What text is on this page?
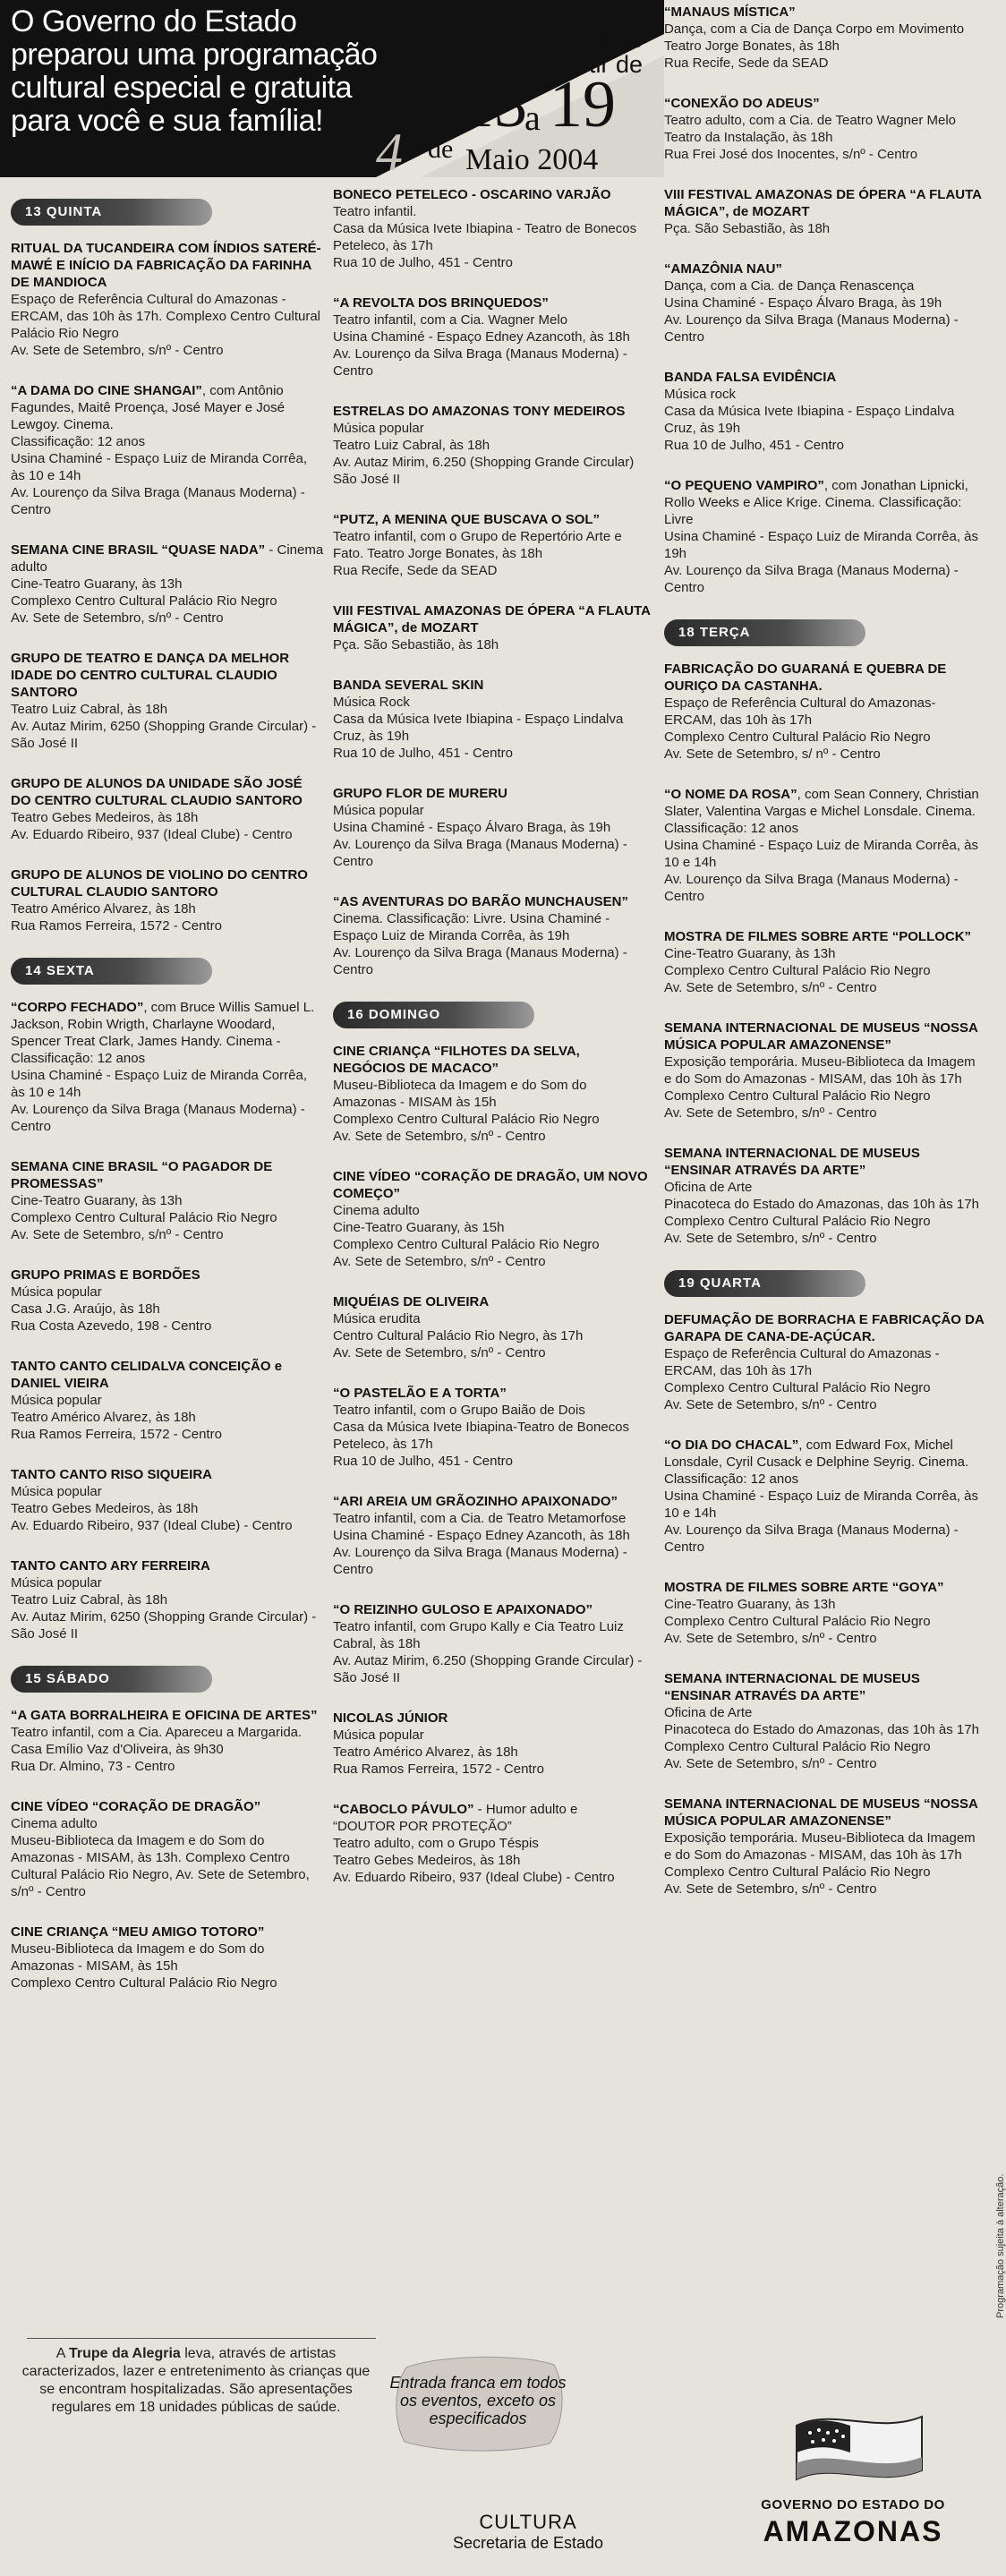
4
O Governo do Estado
preparou uma programação
cultural especial e gratuita
para você e sua família!
Venha se divertir de
13
a 19
de Maio 2004
13 QUINTA
RITUAL DA TUCANDEIRA COM ÍNDIOS SATERÉ-MAWÉ E INÍCIO DA FABRICAÇÃO DA FARINHA DE MANDIOCA
Espaço de Referência Cultural do Amazonas - ERCAM, das 10h às 17h. Complexo Centro Cultural Palácio Rio Negro
Av. Sete de Setembro, s/nº - Centro
“A DAMA DO CINE SHANGAI”, com Antônio Fagundes, Maitê Proença, José Mayer e José Lewgoy. Cinema.
Classificação: 12 anos
Usina Chaminé - Espaço Luiz de Miranda Corrêa, às 10 e 14h
Av. Lourenço da Silva Braga (Manaus Moderna) - Centro
SEMANA CINE BRASIL “QUASE NADA” - Cinema adulto
Cine-Teatro Guarany, às 13h
Complexo Centro Cultural Palácio Rio Negro
Av. Sete de Setembro, s/nº - Centro
GRUPO DE TEATRO E DANÇA DA MELHOR IDADE DO CENTRO CULTURAL CLAUDIO SANTORO
Teatro Luiz Cabral, às 18h
Av. Autaz Mirim, 6250 (Shopping Grande Circular) - São José II
GRUPO DE ALUNOS DA UNIDADE SÃO JOSÉ DO CENTRO CULTURAL CLAUDIO SANTORO
Teatro Gebes Medeiros, às 18h
Av. Eduardo Ribeiro, 937 (Ideal Clube) - Centro
GRUPO DE ALUNOS DE VIOLINO DO CENTRO CULTURAL CLAUDIO SANTORO
Teatro Américo Alvarez, às 18h
Rua Ramos Ferreira, 1572 - Centro
14 SEXTA
“CORPO FECHADO”, com Bruce Willis Samuel L. Jackson, Robin Wrigth, Charlayne Woodard, Spencer Treat Clark, James Handy. Cinema - Classificação: 12 anos
Usina Chaminé - Espaço Luiz de Miranda Corrêa, às 10 e 14h
Av. Lourenço da Silva Braga (Manaus Moderna) - Centro
SEMANA CINE BRASIL “O PAGADOR DE PROMESSAS”
Cine-Teatro Guarany, às 13h
Complexo Centro Cultural Palácio Rio Negro
Av. Sete de Setembro, s/nº - Centro
GRUPO PRIMAS E BORDÕES
Música popular
Casa J.G. Araújo, às 18h
Rua Costa Azevedo, 198 - Centro
TANTO CANTO CELIDALVA CONCEIÇÃO e DANIEL VIEIRA
Música popular
Teatro Américo Alvarez, às 18h
Rua Ramos Ferreira, 1572 - Centro
TANTO CANTO RISO SIQUEIRA
Música popular
Teatro Gebes Medeiros, às 18h
Av. Eduardo Ribeiro, 937 (Ideal Clube) - Centro
TANTO CANTO ARY FERREIRA
Música popular
Teatro Luiz Cabral, às 18h
Av. Autaz Mirim, 6250 (Shopping Grande Circular) - São José II
15 SÁBADO
“A GATA BORRALHEIRA E OFICINA DE ARTES”
Teatro infantil, com a Cia. Apareceu a Margarida.
Casa Emílio Vaz d'Oliveira, às 9h30
Rua Dr. Almino, 73 - Centro
CINE VÍDEO “CORAÇÃO DE DRAGÃO”
Cinema adulto
Museu-Biblioteca da Imagem e do Som do Amazonas - MISAM, às 13h. Complexo Centro Cultural Palácio Rio Negro, Av. Sete de Setembro, s/nº - Centro
CINE CRIANÇA “MEU AMIGO TOTORO”
Museu-Biblioteca da Imagem e do Som do Amazonas - MISAM, às 15h
Complexo Centro Cultural Palácio Rio Negro
BONECO PETELECO - OSCARINO VARJÃO
Teatro infantil.
Casa da Música Ivete Ibiapina - Teatro de Bonecos Peteleco, às 17h
Rua 10 de Julho, 451 - Centro
“A REVOLTA DOS BRINQUEDOS”
Teatro infantil, com a Cia. Wagner Melo
Usina Chaminé - Espaço Edney Azancoth, às 18h
Av. Lourenço da Silva Braga (Manaus Moderna) - Centro
ESTRELAS DO AMAZONAS TONY MEDEIROS
Música popular
Teatro Luiz Cabral, às 18h
Av. Autaz Mirim, 6.250 (Shopping Grande Circular) São José II
“PUTZ, A MENINA QUE BUSCAVA O SOL”
Teatro infantil, com o Grupo de Repertório Arte e Fato. Teatro Jorge Bonates, às 18h
Rua Recife, Sede da SEAD
VIII FESTIVAL AMAZONAS DE ÓPERA “A FLAUTA MÁGICA”, de MOZART
Pça. São Sebastião, às 18h
BANDA SEVERAL SKIN
Música Rock
Casa da Música Ivete Ibiapina - Espaço Lindalva Cruz, às 19h
Rua 10 de Julho, 451 - Centro
GRUPO FLOR DE MURERU
Música popular
Usina Chaminé - Espaço Álvaro Braga, às 19h
Av. Lourenço da Silva Braga (Manaus Moderna) - Centro
“AS AVENTURAS DO BARÃO MUNCHAUSEN”
Cinema. Classificação: Livre. Usina Chaminé - Espaço Luiz de Miranda Corrêa, às 19h
Av. Lourenço da Silva Braga (Manaus Moderna) - Centro
16 DOMINGO
CINE CRIANÇA “FILHOTES DA SELVA, NEGÓCIOS DE MACACO”
Museu-Biblioteca da Imagem e do Som do Amazonas - MISAM às 15h
Complexo Centro Cultural Palácio Rio Negro
Av. Sete de Setembro, s/nº - Centro
CINE VÍDEO “CORAÇÃO DE DRAGÃO, UM NOVO COMEÇO”
Cinema adulto
Cine-Teatro Guarany, às 15h
Complexo Centro Cultural Palácio Rio Negro
Av. Sete de Setembro, s/nº - Centro
MIQUÉIAS DE OLIVEIRA
Música erudita
Centro Cultural Palácio Rio Negro, às 17h
Av. Sete de Setembro, s/nº - Centro
“O PASTELÃO E A TORTA”
Teatro infantil, com o Grupo Baião de Dois
Casa da Música Ivete Ibiapina-Teatro de Bonecos Peteleco, às 17h
Rua 10 de Julho, 451 - Centro
“ARI AREIA UM GRÃOZINHO APAIXONADO”
Teatro infantil, com a Cia. de Teatro Metamorfose
Usina Chaminé - Espaço Edney Azancoth, às 18h
Av. Lourenço da Silva Braga (Manaus Moderna) - Centro
“O REIZINHO GULOSO E APAIXONADO”
Teatro infantil, com Grupo Kally e Cia Teatro Luiz Cabral, às 18h
Av. Autaz Mirim, 6.250 (Shopping Grande Circular) - São José II
NICOLAS JÚNIOR
Música popular
Teatro Américo Alvarez, às 18h
Rua Ramos Ferreira, 1572 - Centro
“CABOCLO PÁVULO” - Humor adulto e
“DOUTOR POR PROTEÇÃO”
Teatro adulto, com o Grupo Téspis
Teatro Gebes Medeiros, às 18h
Av. Eduardo Ribeiro, 937 (Ideal Clube) - Centro
“MANAUS MÍSTICA”
Dança, com a Cia de Dança Corpo em Movimento
Teatro Jorge Bonates, às 18h
Rua Recife, Sede da SEAD
“CONEXÃO DO ADEUS”
Teatro adulto, com a Cia. de Teatro Wagner Melo
Teatro da Instalação, às 18h
Rua Frei José dos Inocentes, s/nº - Centro
VIII FESTIVAL AMAZONAS DE ÓPERA “A FLAUTA MÁGICA”, de MOZART
Pça. São Sebastião, às 18h
“AMAZÔNIA NAU”
Dança, com a Cia. de Dança Renascença
Usina Chaminé - Espaço Álvaro Braga, às 19h
Av. Lourenço da Silva Braga (Manaus Moderna) - Centro
BANDA FALSA EVIDÊNCIA
Música rock
Casa da Música Ivete Ibiapina - Espaço Lindalva Cruz, às 19h
Rua 10 de Julho, 451 - Centro
“O PEQUENO VAMPIRO”, com Jonathan Lipnicki, Rollo Weeks e Alice Krige. Cinema. Classificação: Livre
Usina Chaminé - Espaço Luiz de Miranda Corrêa, às 19h
Av. Lourenço da Silva Braga (Manaus Moderna) - Centro
18 TERÇA
FABRICAÇÃO DO GUARANÁ E QUEBRA DE OURIÇO DA CASTANHA.
Espaço de Referência Cultural do Amazonas-ERCAM, das 10h às 17h
Complexo Centro Cultural Palácio Rio Negro
Av. Sete de Setembro, s/ nº - Centro
“O NOME DA ROSA”, com Sean Connery, Christian Slater, Valentina Vargas e Michel Lonsdale. Cinema. Classificação: 12 anos
Usina Chaminé - Espaço Luiz de Miranda Corrêa, às 10 e 14h
Av. Lourenço da Silva Braga (Manaus Moderna) - Centro
MOSTRA DE FILMES SOBRE ARTE “POLLOCK” Cine-Teatro Guarany, às 13h
Complexo Centro Cultural Palácio Rio Negro
Av. Sete de Setembro, s/nº - Centro
SEMANA INTERNACIONAL DE MUSEUS “NOSSA MÚSICA POPULAR AMAZONENSE”
Exposição temporária. Museu-Biblioteca da Imagem e do Som do Amazonas - MISAM, das 10h às 17h
Complexo Centro Cultural Palácio Rio Negro
Av. Sete de Setembro, s/nº - Centro
SEMANA INTERNACIONAL DE MUSEUS “ENSINAR ATRAVÉS DA ARTE”
Oficina de Arte
Pinacoteca do Estado do Amazonas, das 10h às 17h
Complexo Centro Cultural Palácio Rio Negro
Av. Sete de Setembro, s/nº - Centro
19 QUARTA
DEFUMAÇÃO DE BORRACHA E FABRICAÇÃO DA GARAPA DE CANA-DE-AÇÚCAR.
Espaço de Referência Cultural do Amazonas - ERCAM, das 10h às 17h
Complexo Centro Cultural Palácio Rio Negro
Av. Sete de Setembro, s/nº - Centro
“O DIA DO CHACAL”, com Edward Fox, Michel Lonsdale, Cyril Cusack e Delphine Seyrig. Cinema. Classificação: 12 anos
Usina Chaminé - Espaço Luiz de Miranda Corrêa, às 10 e 14h
Av. Lourenço da Silva Braga (Manaus Moderna) - Centro
MOSTRA DE FILMES SOBRE ARTE “GOYA”
Cine-Teatro Guarany, às 13h
Complexo Centro Cultural Palácio Rio Negro
Av. Sete de Setembro, s/nº - Centro
SEMANA INTERNACIONAL DE MUSEUS “ENSINAR ATRAVÉS DA ARTE”
Oficina de Arte
Pinacoteca do Estado do Amazonas, das 10h às 17h
Complexo Centro Cultural Palácio Rio Negro
Av. Sete de Setembro, s/nº - Centro
SEMANA INTERNACIONAL DE MUSEUS “NOSSA MÚSICA POPULAR AMAZONENSE”
Exposição temporária. Museu-Biblioteca da Imagem e do Som do Amazonas - MISAM, das 10h às 17h
Complexo Centro Cultural Palácio Rio Negro
Av. Sete de Setembro, s/nº - Centro
A Trupe da Alegria leva, através de artistas caracterizados, lazer e entretenimento às crianças que se encontram hospitalizadas. São apresentações regulares em 18 unidades públicas de saúde.
Entrada franca em todos os eventos, exceto os especificados
CULTURA
Secretaria de Estado
GOVERNO DO ESTADO DO
AMAZONAS
Programação sujeita à alteração.
